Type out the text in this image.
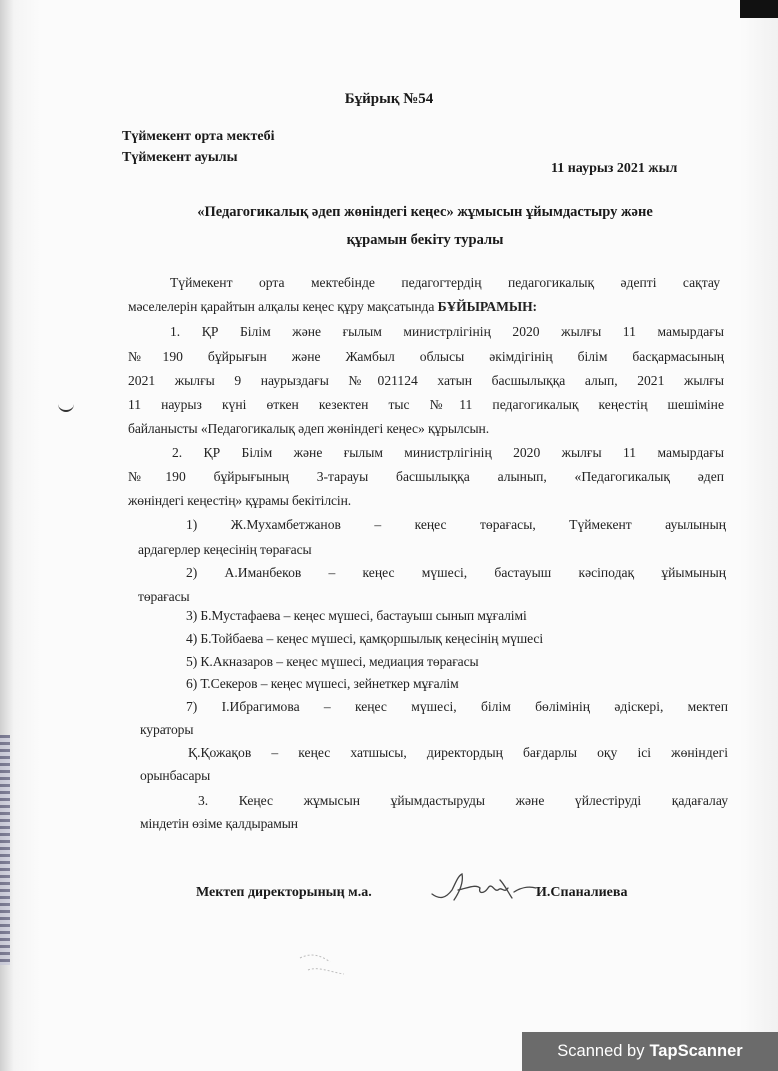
Бұйрық №54
Түймекент орта мектебі
Түймекент ауылы
11 наурыз 2021 жыл
«Педагогикалық әдеп жөніндегі кеңес» жұмысын ұйымдастыру және
құрамын бекіту туралы
Түймекент орта мектебінде педагогтердің педагогикалық әдепті сақтау
мәселелерін қарайтын алқалы кеңес құру мақсатында БҰЙЫРАМЫН:
1. ҚР Білім және ғылым министрлігінің 2020 жылғы 11 мамырдағы
№190 бұйрығын және Жамбыл облысы әкімдігінің білім басқармасының
2021 жылғы 9 наурыздағы №021124 хатын басшылыққа алып, 2021 жылғы
11 наурыз күні өткен кезектен тыс №11 педагогикалық кеңестің шешіміне
байланысты «Педагогикалық әдеп жөніндегі кеңес» құрылсын.
2. ҚР Білім және ғылым министрлігінің 2020 жылғы 11 мамырдағы
№190 бұйрығының 3-тарауы басшылыққа алынып, «Педагогикалық әдеп
жөніндегі кеңестің» құрамы бекітілсін.
1) Ж.Мухамбетжанов – кеңес төрағасы, Түймекент ауылының
ардагерлер кеңесінің төрағасы
2) А.Иманбеков – кеңес мүшесі, бастауыш кәсіподақ ұйымының
төрағасы
3) Б.Мустафаева – кеңес мүшесі, бастауыш сынып мұғалімі
4) Б.Тойбаева – кеңес мүшесі, қамқоршылық кеңесінің мүшесі
5) К.Акназаров – кеңес мүшесі, медиация төрағасы
6) Т.Секеров – кеңес мүшесі, зейнеткер мұғалім
7) І.Ибрагимова – кеңес мүшесі, білім бөлімінің әдіскері, мектеп
кураторы
Қ.Қожақов – кеңес хатшысы, директордың бағдарлы оқу ісі жөніндегі
орынбасары
3. Кеңес жұмысын ұйымдастыруды және үйлестіруді қадағалау
міндетін өзіме қалдырамын
Мектеп директорының м.а.	И.Спаналиева
Scanned by TapScanner
